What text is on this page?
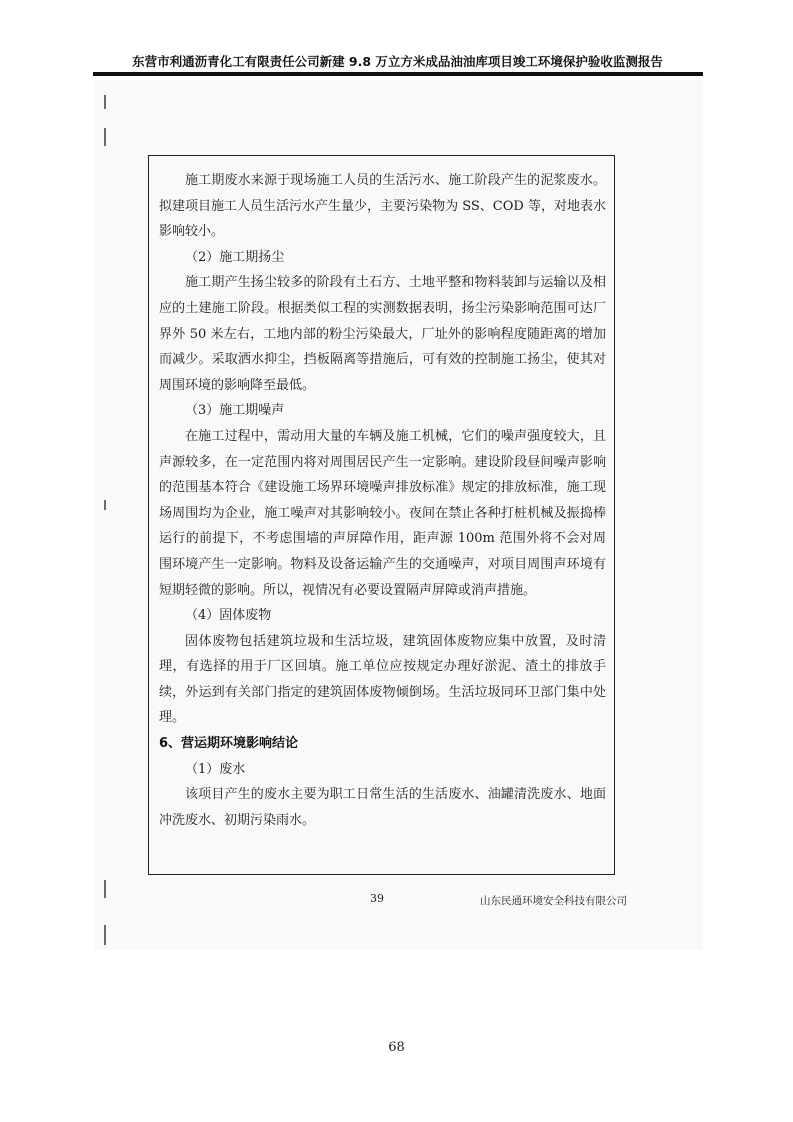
东营市利通沥青化工有限责任公司新建 9.8 万立方米成品油油库项目竣工环境保护验收监测报告

施工期废水来源于现场施工人员的生活污水、施工阶段产生的泥浆废水。拟建项目施工人员生活污水产生量少，主要污染物为 SS、COD 等，对地表水影响较小。

（2）施工期扬尘

施工期产生扬尘较多的阶段有土石方、土地平整和物料装卸与运输以及相应的土建施工阶段。根据类似工程的实测数据表明，扬尘污染影响范围可达厂界外 50 米左右，工地内部的粉尘污染最大，厂址外的影响程度随距离的增加而减少。采取洒水抑尘，挡板隔离等措施后，可有效的控制施工扬尘，使其对周围环境的影响降至最低。

（3）施工期噪声

在施工过程中，需动用大量的车辆及施工机械，它们的噪声强度较大，且声源较多，在一定范围内将对周围居民产生一定影响。建设阶段昼间噪声影响的范围基本符合《建设施工场界环境噪声排放标准》规定的排放标准，施工现场周围均为企业，施工噪声对其影响较小。夜间在禁止各种打桩机械及振捣棒运行的前提下，不考虑围墙的声屏障作用，距声源 100m 范围外将不会对周围环境产生一定影响。物料及设备运输产生的交通噪声，对项目周围声环境有短期轻微的影响。所以，视情况有必要设置隔声屏障或消声措施。

（4）固体废物

固体废物包括建筑垃圾和生活垃圾，建筑固体废物应集中放置，及时清理，有选择的用于厂区回填。施工单位应按规定办理好淤泥、渣土的排放手续，外运到有关部门指定的建筑固体废物倾倒场。生活垃圾同环卫部门集中处理。

6、营运期环境影响结论

（1）废水

该项目产生的废水主要为职工日常生活的生活废水、油罐清洗废水、地面冲洗废水、初期污染雨水。

39	山东民通环境安全科技有限公司
68
